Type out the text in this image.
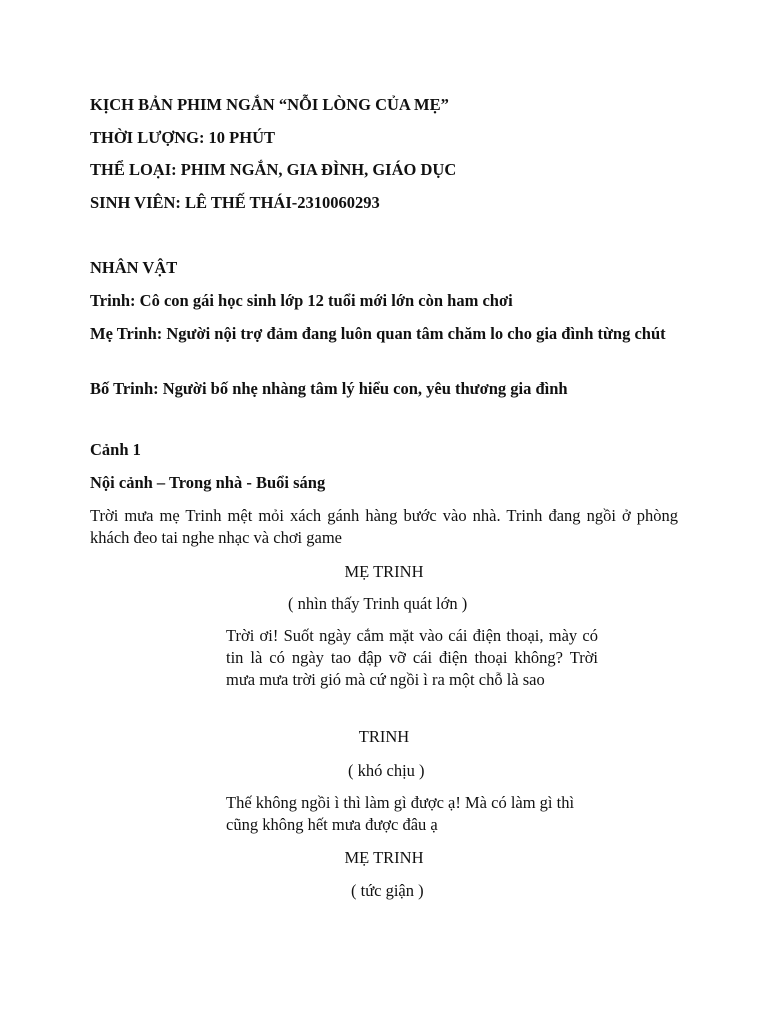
KỊCH BẢN PHIM NGẮN “NỖI LÒNG CỦA MẸ”

THỜI LƯỢNG: 10 PHÚT

THỂ LOẠI: PHIM NGẮN, GIA ĐÌNH, GIÁO DỤC

SINH VIÊN: LÊ THẾ THÁI-2310060293

NHÂN VẬT

Trinh: Cô con gái học sinh lớp 12 tuổi mới lớn còn ham chơi

Mẹ Trinh: Người nội trợ đảm đang luôn quan tâm chăm lo cho gia đình từng chút

Bố Trinh: Người bố nhẹ nhàng tâm lý hiểu con, yêu thương gia đình

Cảnh 1

Nội cảnh – Trong nhà - Buổi sáng

Trời mưa mẹ Trinh mệt mỏi xách gánh hàng bước vào nhà. Trinh đang ngồi ở phòng khách đeo tai nghe nhạc và chơi game

MẸ TRINH

( nhìn thấy Trinh quát lớn )

Trời ơi! Suốt ngày cắm mặt vào cái điện thoại, mày có tin là có ngày tao đập vỡ cái điện thoại không? Trời mưa mưa trời gió mà cứ ngồi ì ra một chỗ là sao

TRINH

( khó chịu )

Thế không ngồi ì thì làm gì được ạ! Mà có làm gì thì cũng không hết mưa được đâu ạ

MẸ TRINH

( tức giận )
